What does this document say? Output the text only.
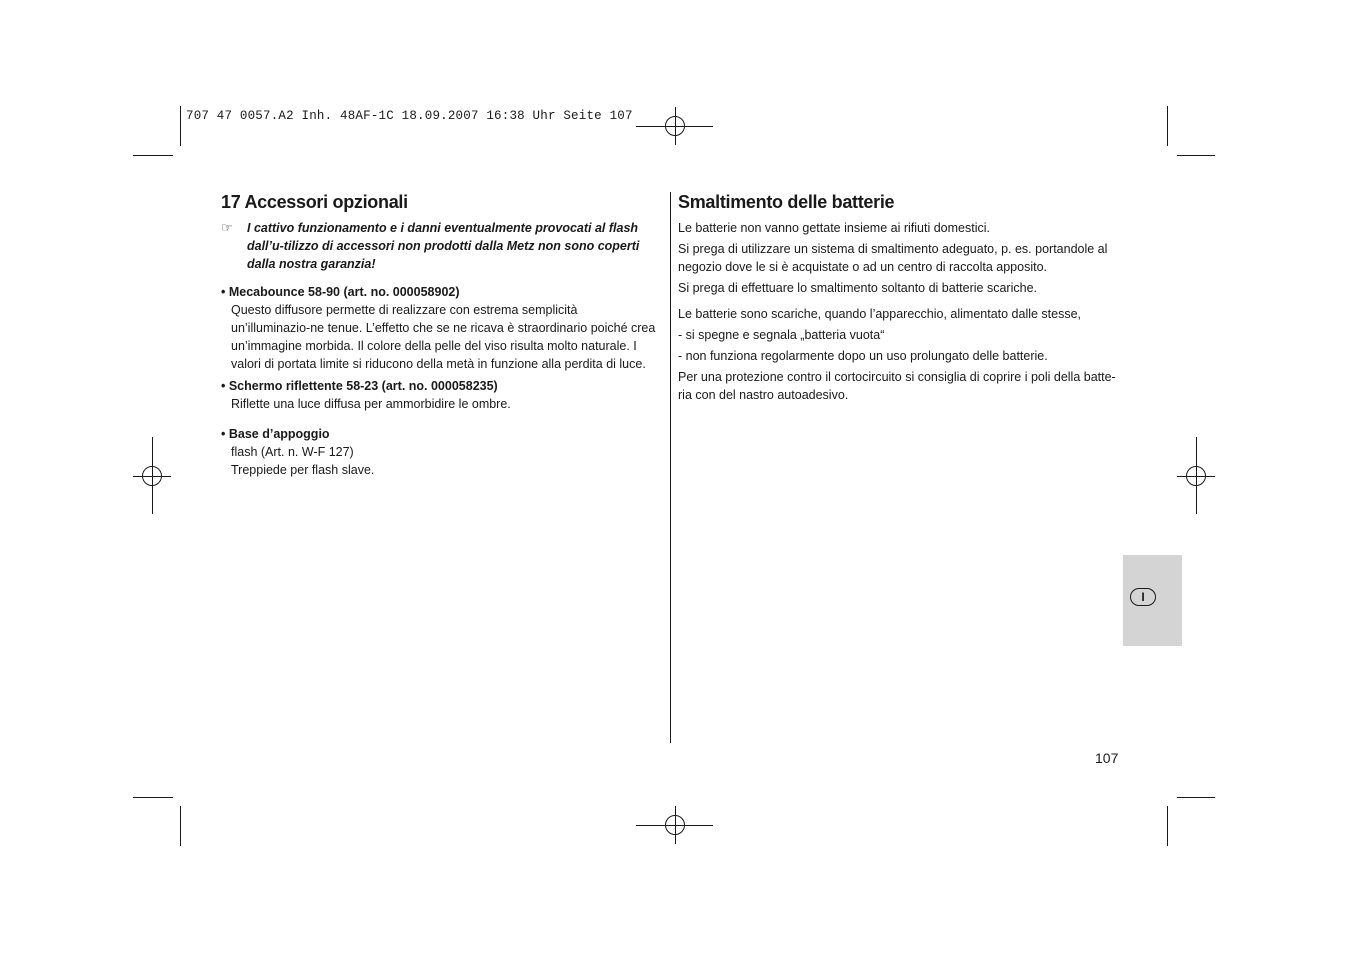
707 47 0057.A2 Inh. 48AF-1C 18.09.2007 16:38 Uhr Seite 107
17 Accessori opzionali
☞	I cattivo funzionamento e i danni eventualmente provocati al flash dall’u-tilizzo di accessori non prodotti dalla Metz non sono coperti dalla nostra garanzia!
• Mecabounce 58-90 (art. no. 000058902)
Questo diffusore permette di realizzare con estrema semplicità un’illuminazio-ne tenue. L’effetto che se ne ricava è straordinario poiché crea un’immagine morbida. Il colore della pelle del viso risulta molto naturale. I valori di portata limite si riducono della metà in funzione alla perdita di luce.
• Schermo riflettente 58-23 (art. no. 000058235)
Riflette una luce diffusa per ammorbidire le ombre.
• Base d’appoggio
flash (Art. n. W-F 127)
Treppiede per flash slave.
Smaltimento delle batterie

Le batterie non vanno gettate insieme ai rifiuti domestici.

Si prega di utilizzare un sistema di smaltimento adeguato, p. es. portandole al negozio dove le si è acquistate o ad un centro di raccolta apposito.

Si prega di effettuare lo smaltimento soltanto di batterie scariche.

Le batterie sono scariche, quando l’apparecchio, alimentato dalle stesse,

- si spegne e segnala „batteria vuota“

- non funziona regolarmente dopo un uso prolungato delle batterie.

Per una protezione contro il cortocircuito si consiglia di coprire i poli della batte-ria con del nastro autoadesivo.

I
107
